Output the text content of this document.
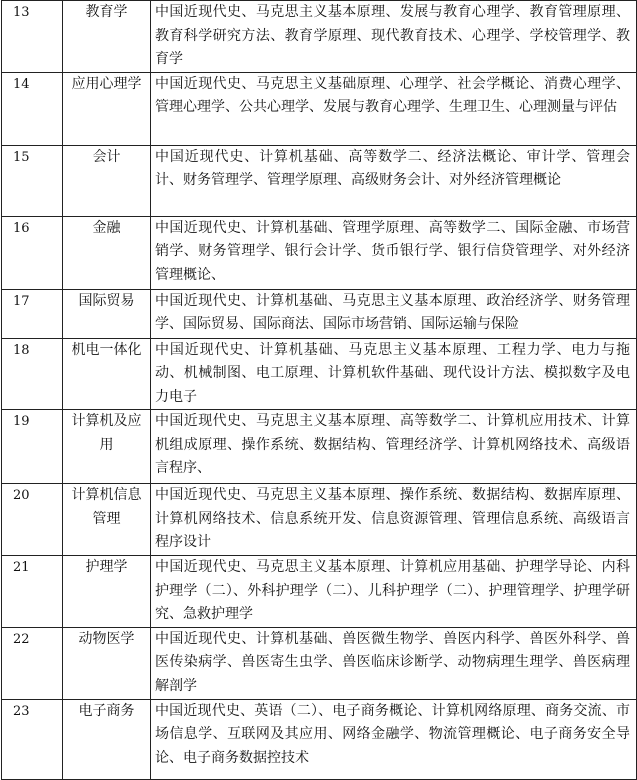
13	教育学	中国近现代史、马克思主义基本原理、发展与教育心理学、教育管理原理、教育科学研究方法、教育学原理、现代教育技术、心理学、学校管理学、教育学

14	应用心理学	中国近现代史、马克思主义基础原理、心理学、社会学概论、消费心理学、管理心理学、公共心理学、发展与教育心理学、生理卫生、心理测量与评估

15	会计	中国近现代史、计算机基础、高等数学二、经济法概论、审计学、管理会计、财务管理学、管理学原理、高级财务会计、对外经济管理概论

16	金融	中国近现代史、计算机基础、管理学原理、高等数学二、国际金融、市场营销学、财务管理学、银行会计学、货币银行学、银行信贷管理学、对外经济管理概论、

17	国际贸易	中国近现代史、计算机基础、马克思主义基本原理、政治经济学、财务管理学、国际贸易、国际商法、国际市场营销、国际运输与保险

18	机电一体化	中国近现代史、计算机基础、马克思主义基本原理、工程力学、电力与拖动、机械制图、电工原理、计算机软件基础、现代设计方法、模拟数字及电力电子

19	计算机及应用	中国近现代史、马克思主义基本原理、高等数学二、计算机应用技术、计算机组成原理、操作系统、数据结构、管理经济学、计算机网络技术、高级语言程序、

20	计算机信息管理	中国近现代史、马克思主义基本原理、操作系统、数据结构、数据库原理、计算机网络技术、信息系统开发、信息资源管理、管理信息系统、高级语言程序设计

21	护理学	中国近现代史、马克思主义基本原理、计算机应用基础、护理学导论、内科护理学（二）、外科护理学（二）、儿科护理学（二）、护理管理学、护理学研究、急救护理学

22	动物医学	中国近现代史、计算机基础、兽医微生物学、兽医内科学、兽医外科学、兽医传染病学、兽医寄生虫学、兽医临床诊断学、动物病理生理学、兽医病理解剖学

23	电子商务	中国近现代史、英语（二）、电子商务概论、计算机网络原理、商务交流、市场信息学、互联网及其应用、网络金融学、物流管理概论、电子商务安全导论、电子商务数据控技术
